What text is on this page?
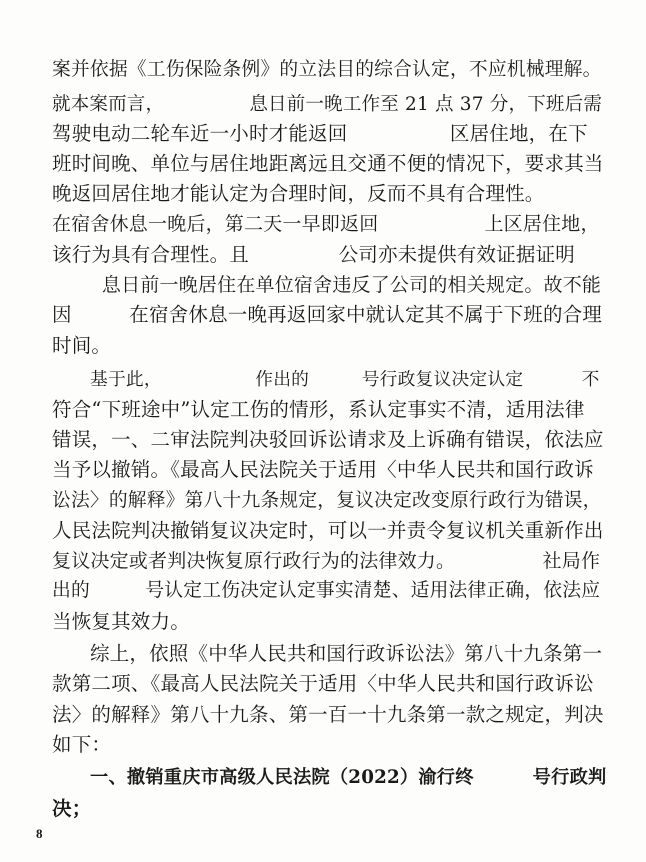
案并依据《工伤保险条例》的立法目的综合认定，不应机械理解。
就本案而言，              息日前一晚工作至 21 点 37 分，下班后需
驾驶电动二轮车近一小时才能返回                区居住地，在下
班时间晚、单位与居住地距离远且交通不便的情况下，要求其当
晚返回居住地才能认定为合理时间，反而不具有合理性。
在宿舍休息一晚后，第二天一早即返回                 上区居住地，
该行为具有合理性。且              公司亦未提供有效证据证明
息日前一晚居住在单位宿舍违反了公司的相关规定。故不能
因         在宿舍休息一晚再返回家中就认定其不属于下班的合理
时间。
基于此，                作出的         号行政复议决定认定          不
符合“下班途中”认定工伤的情形，系认定事实不清，适用法律
错误，一、二审法院判决驳回诉讼请求及上诉确有错误，依法应
当予以撤销。《最高人民法院关于适用〈中华人民共和国行政诉
讼法〉的解释》第八十九条规定，复议决定改变原行政行为错误，
人民法院判决撤销复议决定时，可以一并责令复议机关重新作出
复议决定或者判决恢复原行政行为的法律效力。              社局作
出的         号认定工伤决定认定事实清楚、适用法律正确，依法应
当恢复其效力。
综上，依照《中华人民共和国行政诉讼法》第八十九条第一
款第二项、《最高人民法院关于适用〈中华人民共和国行政诉讼
法〉的解释》第八十九条、第一百一十九条第一款之规定，判决
如下：
一、撤销重庆市高级人民法院（2022）渝行终         号行政判
决；
8
